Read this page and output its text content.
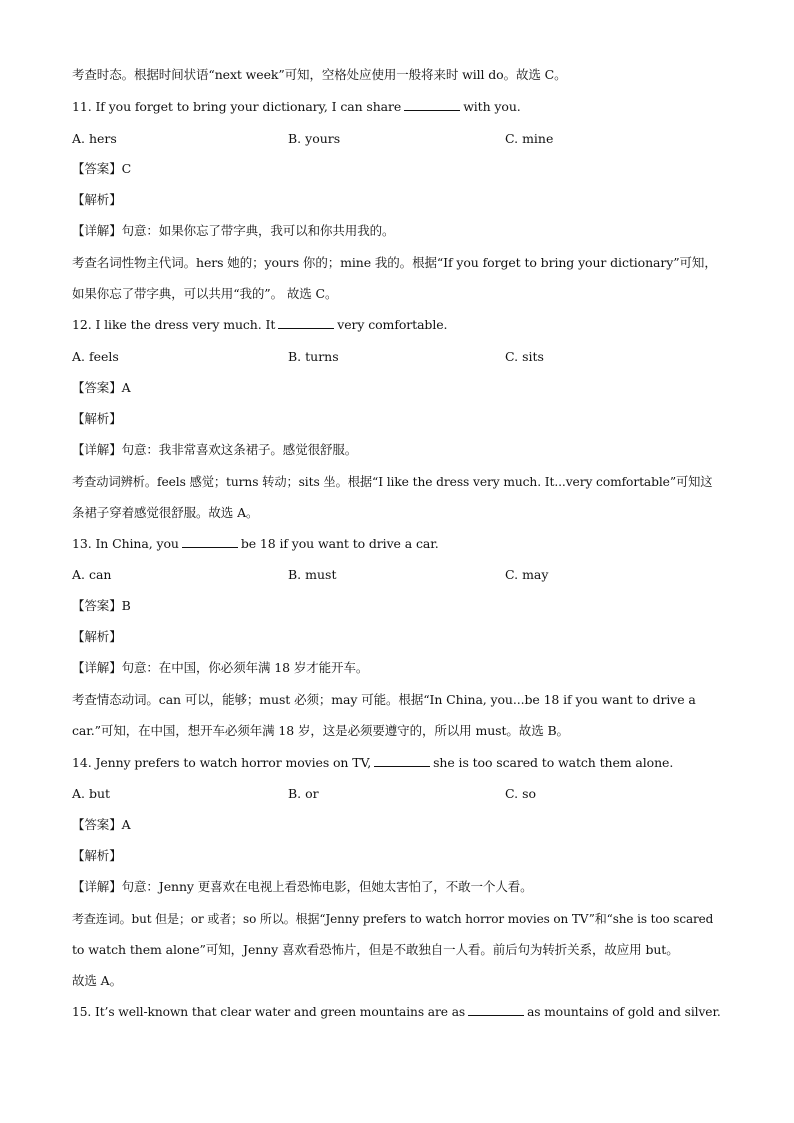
考查时态。根据时间状语“next week”可知，空格处应使用一般将来时 will do。故选 C。
11. If you forget to bring your dictionary, I can share	with you.
A. hers	B. yours	C. mine
【答案】C
【解析】
【详解】句意：如果你忘了带字典，我可以和你共用我的。
考查名词性物主代词。hers 她的；yours 你的；mine 我的。根据“If you forget to bring your dictionary”可知，
如果你忘了带字典，可以共用“我的”。 故选 C。
12. I like the dress very much. It	very comfortable.
A. feels	B. turns	C. sits
【答案】A
【解析】
【详解】句意：我非常喜欢这条裙子。感觉很舒服。
考查动词辨析。feels 感觉；turns 转动；sits 坐。根据“I like the dress very much. It...very comfortable”可知这
条裙子穿着感觉很舒服。故选 A。
13. In China, you	be 18 if you want to drive a car.
A. can	B. must	C. may
【答案】B
【解析】
【详解】句意：在中国，你必须年满 18 岁才能开车。
考查情态动词。can 可以，能够；must 必须；may 可能。根据“In China, you...be 18 if you want to drive a
car.”可知，在中国，想开车必须年满 18 岁，这是必须要遵守的，所以用 must。故选 B。
14. Jenny prefers to watch horror movies on TV,	she is too scared to watch them alone.
A. but	B. or	C. so
【答案】A
【解析】
【详解】句意：Jenny 更喜欢在电视上看恐怖电影，但她太害怕了，不敢一个人看。
考查连词。but 但是；or 或者；so 所以。根据“Jenny prefers to watch horror movies on TV”和“she is too scared
to watch them alone”可知，Jenny 喜欢看恐怖片，但是不敢独自一人看。前后句为转折关系，故应用 but。
故选 A。
15. It’s well-known that clear water and green mountains are as	as mountains of gold and silver.
